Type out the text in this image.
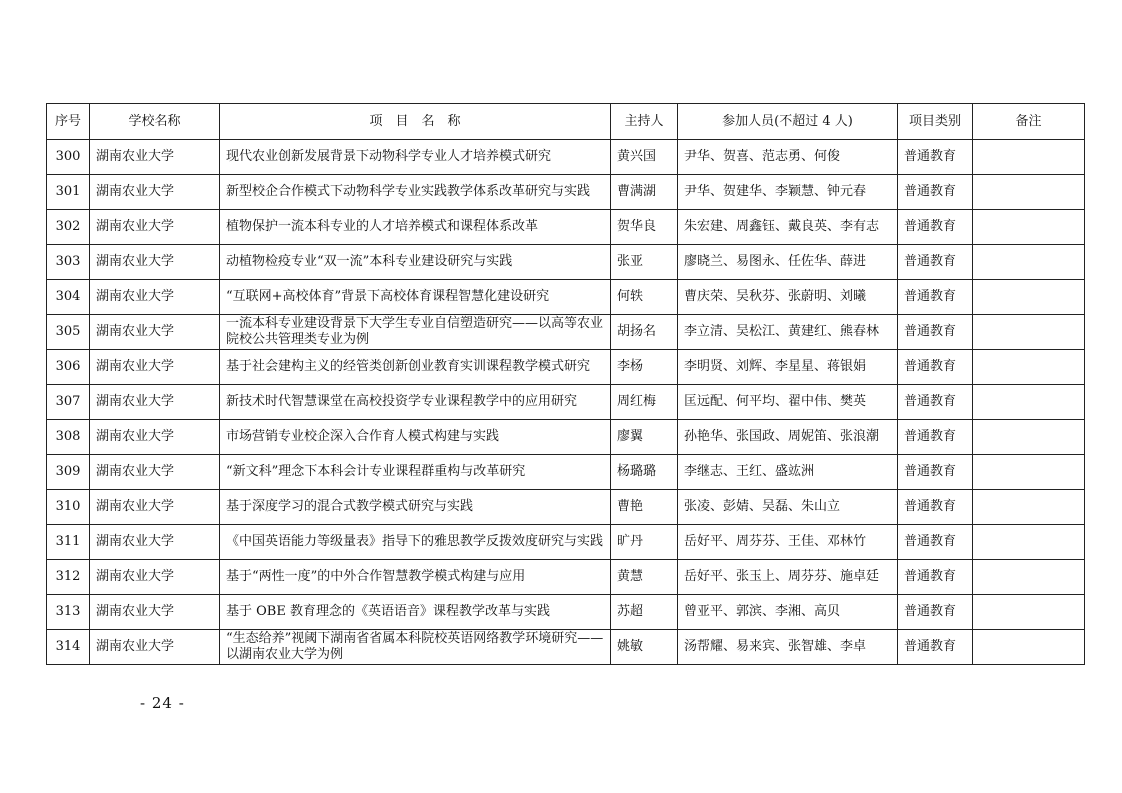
序号	学校名称	项　目　名　称	主持人	参加人员(不超过 4 人)	项目类别	备注
300	湖南农业大学	现代农业创新发展背景下动物科学专业人才培养模式研究	黄兴国	尹华、贺喜、范志勇、何俊	普通教育	
301	湖南农业大学	新型校企合作模式下动物科学专业实践教学体系改革研究与实践	曹满湖	尹华、贺建华、李颖慧、钟元春	普通教育	
302	湖南农业大学	植物保护一流本科专业的人才培养模式和课程体系改革	贺华良	朱宏建、周鑫钰、戴良英、李有志	普通教育	
303	湖南农业大学	动植物检疫专业“双一流”本科专业建设研究与实践	张亚	廖晓兰、易图永、任佐华、薛进	普通教育	
304	湖南农业大学	“互联网+高校体育”背景下高校体育课程智慧化建设研究	何轶	曹庆荣、吴秋芬、张蔚明、刘曦	普通教育	
305	湖南农业大学	一流本科专业建设背景下大学生专业自信塑造研究——以高等农业院校公共管理类专业为例	胡扬名	李立清、吴松江、黄建红、熊春林	普通教育	
306	湖南农业大学	基于社会建构主义的经管类创新创业教育实训课程教学模式研究	李杨	李明贤、刘辉、李星星、蒋银娟	普通教育	
307	湖南农业大学	新技术时代智慧课堂在高校投资学专业课程教学中的应用研究	周红梅	匡远配、何平均、翟中伟、樊英	普通教育	
308	湖南农业大学	市场营销专业校企深入合作育人模式构建与实践	廖翼	孙艳华、张国政、周妮笛、张浪潮	普通教育	
309	湖南农业大学	“新文科”理念下本科会计专业课程群重构与改革研究	杨璐璐	李继志、王红、盛竑洲	普通教育	
310	湖南农业大学	基于深度学习的混合式教学模式研究与实践	曹艳	张凌、彭婧、吴磊、朱山立	普通教育	
311	湖南农业大学	《中国英语能力等级量表》指导下的雅思教学反拨效度研究与实践	旷丹	岳好平、周芬芬、王佳、邓林竹	普通教育	
312	湖南农业大学	基于“两性一度”的中外合作智慧教学模式构建与应用	黄慧	岳好平、张玉上、周芬芬、施卓廷	普通教育	
313	湖南农业大学	基于 OBE 教育理念的《英语语音》课程教学改革与实践	苏超	曾亚平、郭滨、李湘、高贝	普通教育	
314	湖南农业大学	“生态给养”视阈下湖南省省属本科院校英语网络教学环境研究——以湖南农业大学为例	姚敏	汤帮耀、易来宾、张智雄、李卓	普通教育	
- 24 -
